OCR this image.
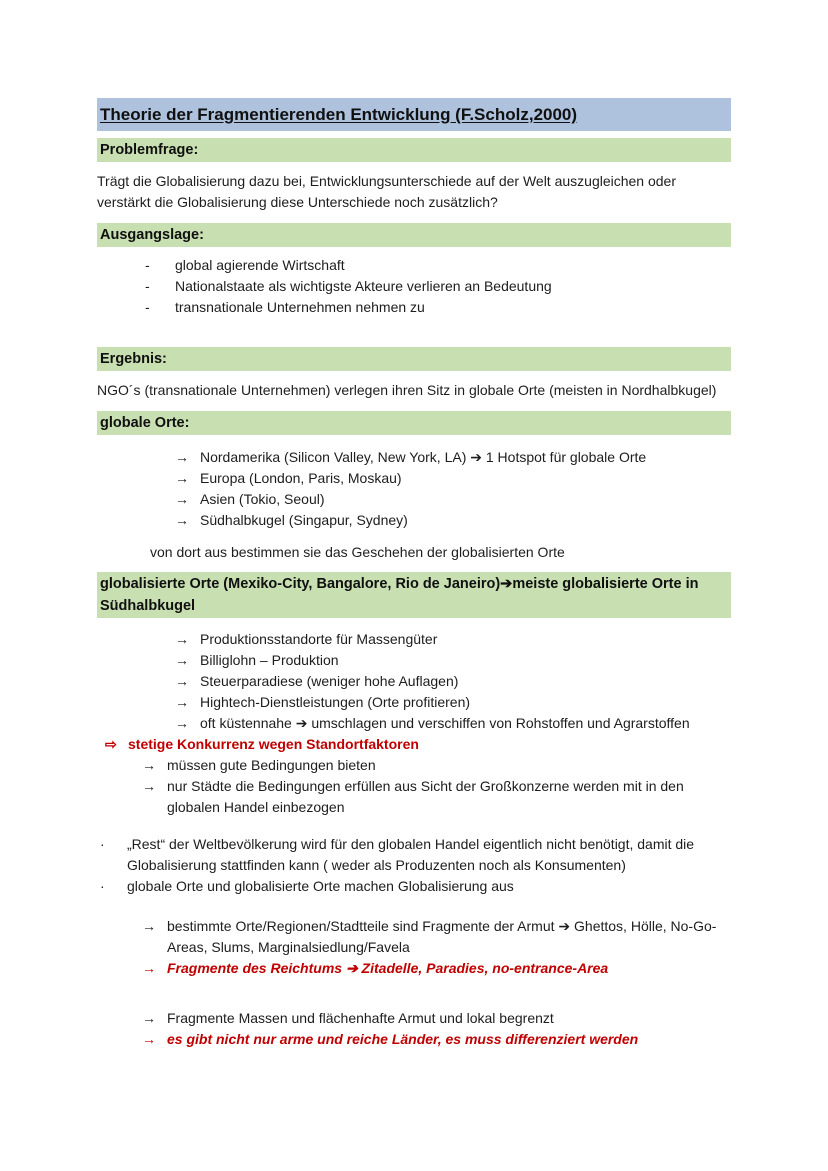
Theorie der Fragmentierenden Entwicklung (F.Scholz,2000)
Problemfrage:

Trägt die Globalisierung dazu bei, Entwicklungsunterschiede auf der Welt auszugleichen oder verstärkt die Globalisierung diese Unterschiede noch zusätzlich?

Ausgangslage:
-	global agierende Wirtschaft
-	Nationalstaate als wichtigste Akteure verlieren an Bedeutung
-	transnationale Unternehmen nehmen zu
Ergebnis:

NGO´s (transnationale Unternehmen) verlegen ihren Sitz in globale Orte (meisten in Nordhalbkugel)

globale Orte:
→ Nordamerika (Silicon Valley, New York, LA) ➔ 1 Hotspot für globale Orte
→ Europa (London, Paris, Moskau)
→ Asien (Tokio, Seoul)
→ Südhalbkugel (Singapur, Sydney)

von dort aus bestimmen sie das Geschehen der globalisierten Orte

globalisierte Orte (Mexiko-City, Bangalore, Rio de Janeiro)➔meiste globalisierte Orte in Südhalbkugel
→ Produktionsstandorte für Massengüter
→ Billiglohn – Produktion
→ Steuerparadiese (weniger hohe Auflagen)
→ Hightech-Dienstleistungen (Orte profitieren)
→ oft küstennahe ➔ umschlagen und verschiffen von Rohstoffen und Agrarstoffen
⇨ stetige Konkurrenz wegen Standortfaktoren
→ müssen gute Bedingungen bieten
→ nur Städte die Bedingungen erfüllen aus Sicht der Großkonzerne werden mit in den globalen Handel einbezogen
·	„Rest“ der Weltbevölkerung wird für den globalen Handel eigentlich nicht benötigt, damit die Globalisierung stattfinden kann ( weder als Produzenten noch als Konsumenten)
·	globale Orte und globalisierte Orte machen Globalisierung aus
→ bestimmte Orte/Regionen/Stadtteile sind Fragmente der Armut ➔ Ghettos, Hölle, No-Go-Areas, Slums, Marginalsiedlung/Favela
→ Fragmente des Reichtums ➔ Zitadelle, Paradies, no-entrance-Area
→ Fragmente Massen und flächenhafte Armut und lokal begrenzt
→ es gibt nicht nur arme und reiche Länder, es muss differenziert werden
